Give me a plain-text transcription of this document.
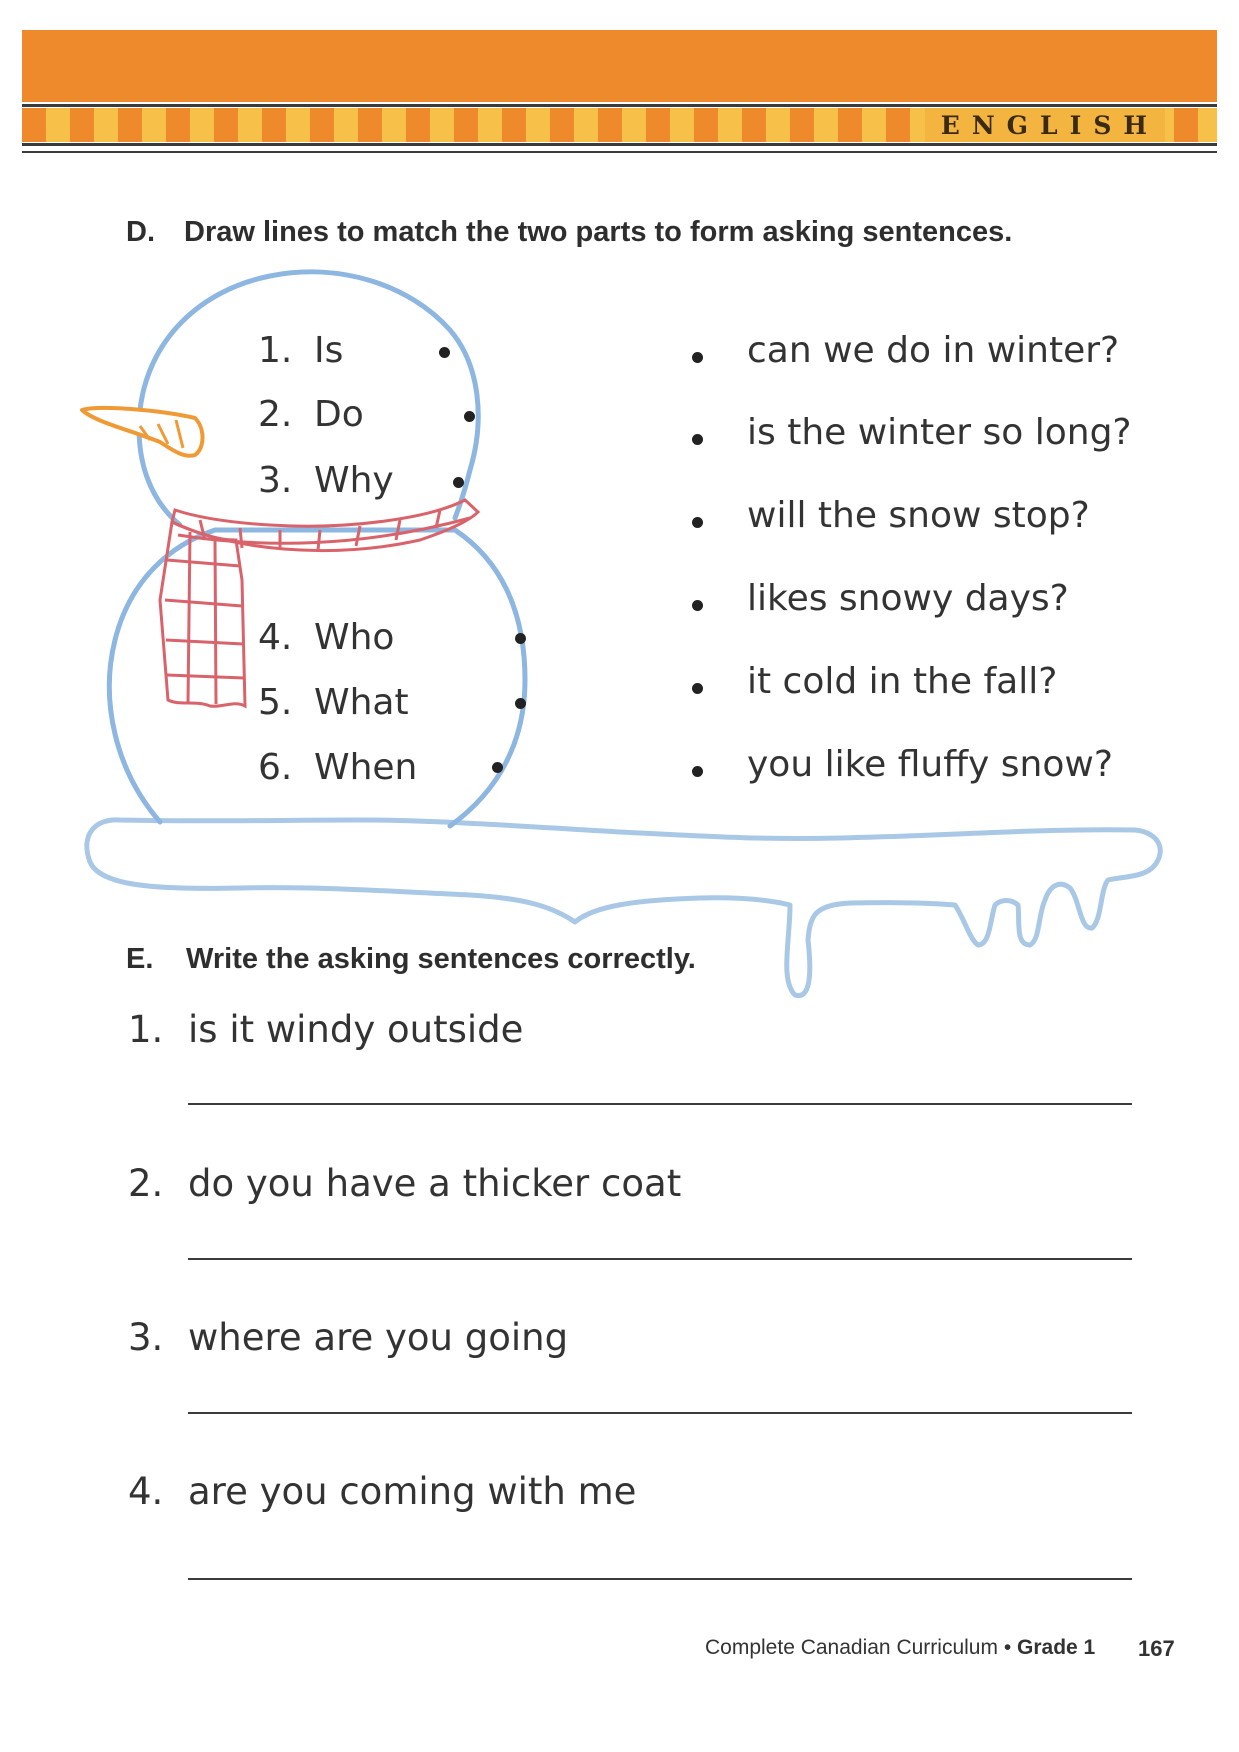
E N G L I S H
D. Draw lines to match the two parts to form asking sentences.
1. Is
2. Do
3. Why
4. Who
5. What
6. When
can we do in winter?
is the winter so long?
will the snow stop?
likes snowy days?
it cold in the fall?
you like fluffy snow?
E. Write the asking sentences correctly.
1. is it windy outside
2. do you have a thicker coat
3. where are you going
4. are you coming with me
Complete Canadian Curriculum • Grade 1 167
